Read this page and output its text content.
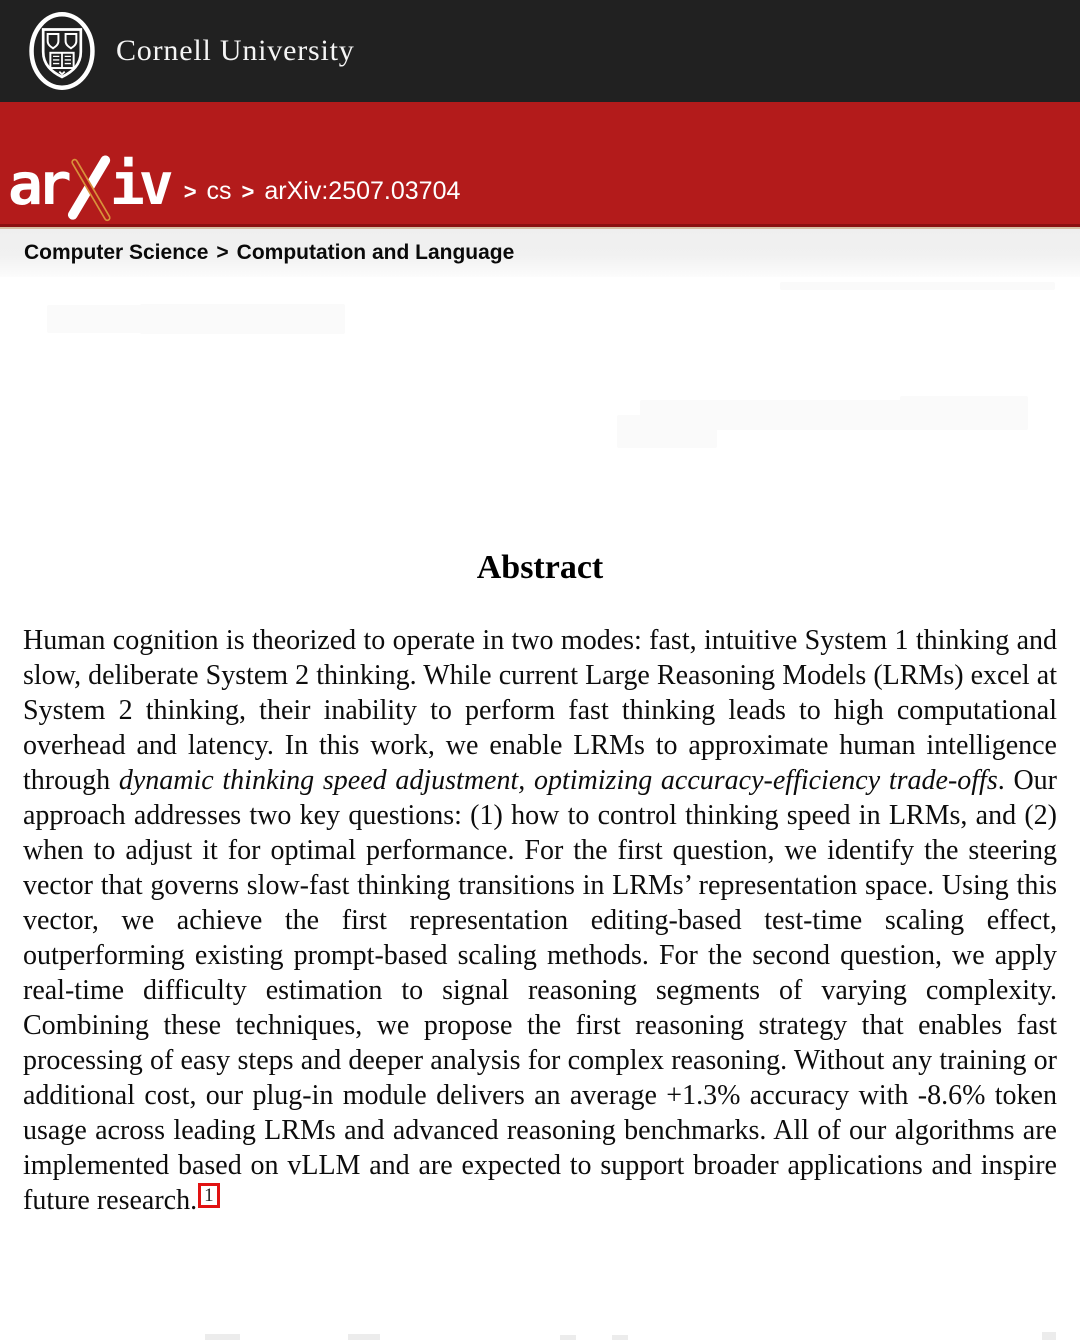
Cornell University
ar iv > cs > arXiv:2507.03704
Computer Science > Computation and Language
Abstract

Human cognition is theorized to operate in two modes: fast, intuitive System 1 thinking and slow, deliberate System 2 thinking. While current Large Reasoning Models (LRMs) excel at System 2 thinking, their inability to perform fast thinking leads to high computational overhead and latency. In this work, we enable LRMs to approximate human intelligence through dynamic thinking speed adjustment, optimizing accuracy-efficiency trade-offs. Our approach addresses two key questions: (1) how to control thinking speed in LRMs, and (2) when to adjust it for optimal performance. For the first question, we identify the steering vector that governs slow-fast thinking transitions in LRMs’ representation space. Using this vector, we achieve the first representation editing-based test-time scaling effect, outperforming existing prompt-based scaling methods. For the second question, we apply real-time difficulty estimation to signal reasoning segments of varying complexity. Combining these techniques, we propose the first reasoning strategy that enables fast processing of easy steps and deeper analysis for complex reasoning. Without any training or additional cost, our plug-in module delivers an average +1.3% accuracy with -8.6% token usage across leading LRMs and advanced reasoning benchmarks. All of our algorithms are implemented based on vLLM and are expected to support broader applications and inspire future research. $^1$
